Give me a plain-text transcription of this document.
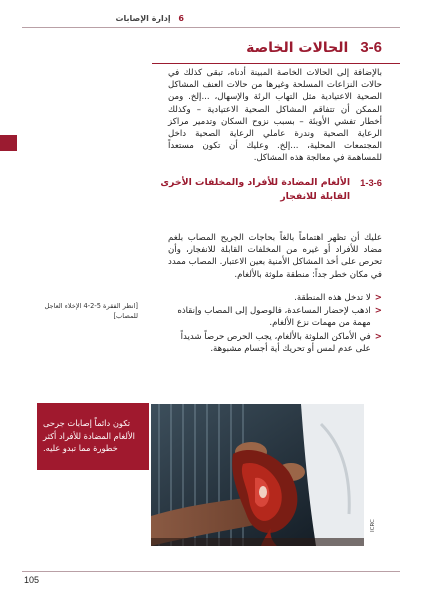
6 إدارة الإصابات
3-6
الحالات الخاصة

بالإضافة إلى الحالات الخاصة المبينة أدناه، تبقى كذلك في حالات النزاعات المسلحة وغيرها من حالات العنف المشاكل الصحية الاعتيادية مثل التهاب الرئة والإسهال، ...إلخ. ومن الممكن أن تتفاقم المشاكل الصحية الاعتيادية – وكذلك أخطار تفشي الأوبئة – بسبب نزوح السكان وتدمير مراكز الرعاية الصحية وندرة عاملي الرعاية الصحية داخل المجتمعات المحلية، ...إلخ. وعليك أن تكون مستعداً للمساهمة في معالجة هذه المشاكل.

1-3-6
الألغام المضادة للأفراد والمخلفات الأخرى القابلة للانفجار

عليك أن تظهر اهتماماً بالغاً بحاجات الجريح المصاب بلغم مضاد للأفراد أو غيره من المخلفات القابلة للانفجار، وأن تحرص على أخذ المشاكل الأمنية بعين الاعتبار. المصاب ممدد في مكان خطر جداً: منطقة ملوثة بالألغام.

<
لا تدخل هذه المنطقة.
<
اذهب لإحضار المساعدة، فالوصول إلى المصاب وإنقاذه مهمة من مهمات نزع الألغام.
<
في الأماكن الملوثة بالألغام، يجب الحرص حرصاً شديداً على عدم لمس أو تحريك أية أجسام مشبوهة.
[انظر الفقرة 5-2-4 الإخلاء العاجل للمصاب]
تكون دائماً إصابات جرحى الألغام المضادة للأفراد أكثر خطورة مما تبدو عليه.
ICRC
105
